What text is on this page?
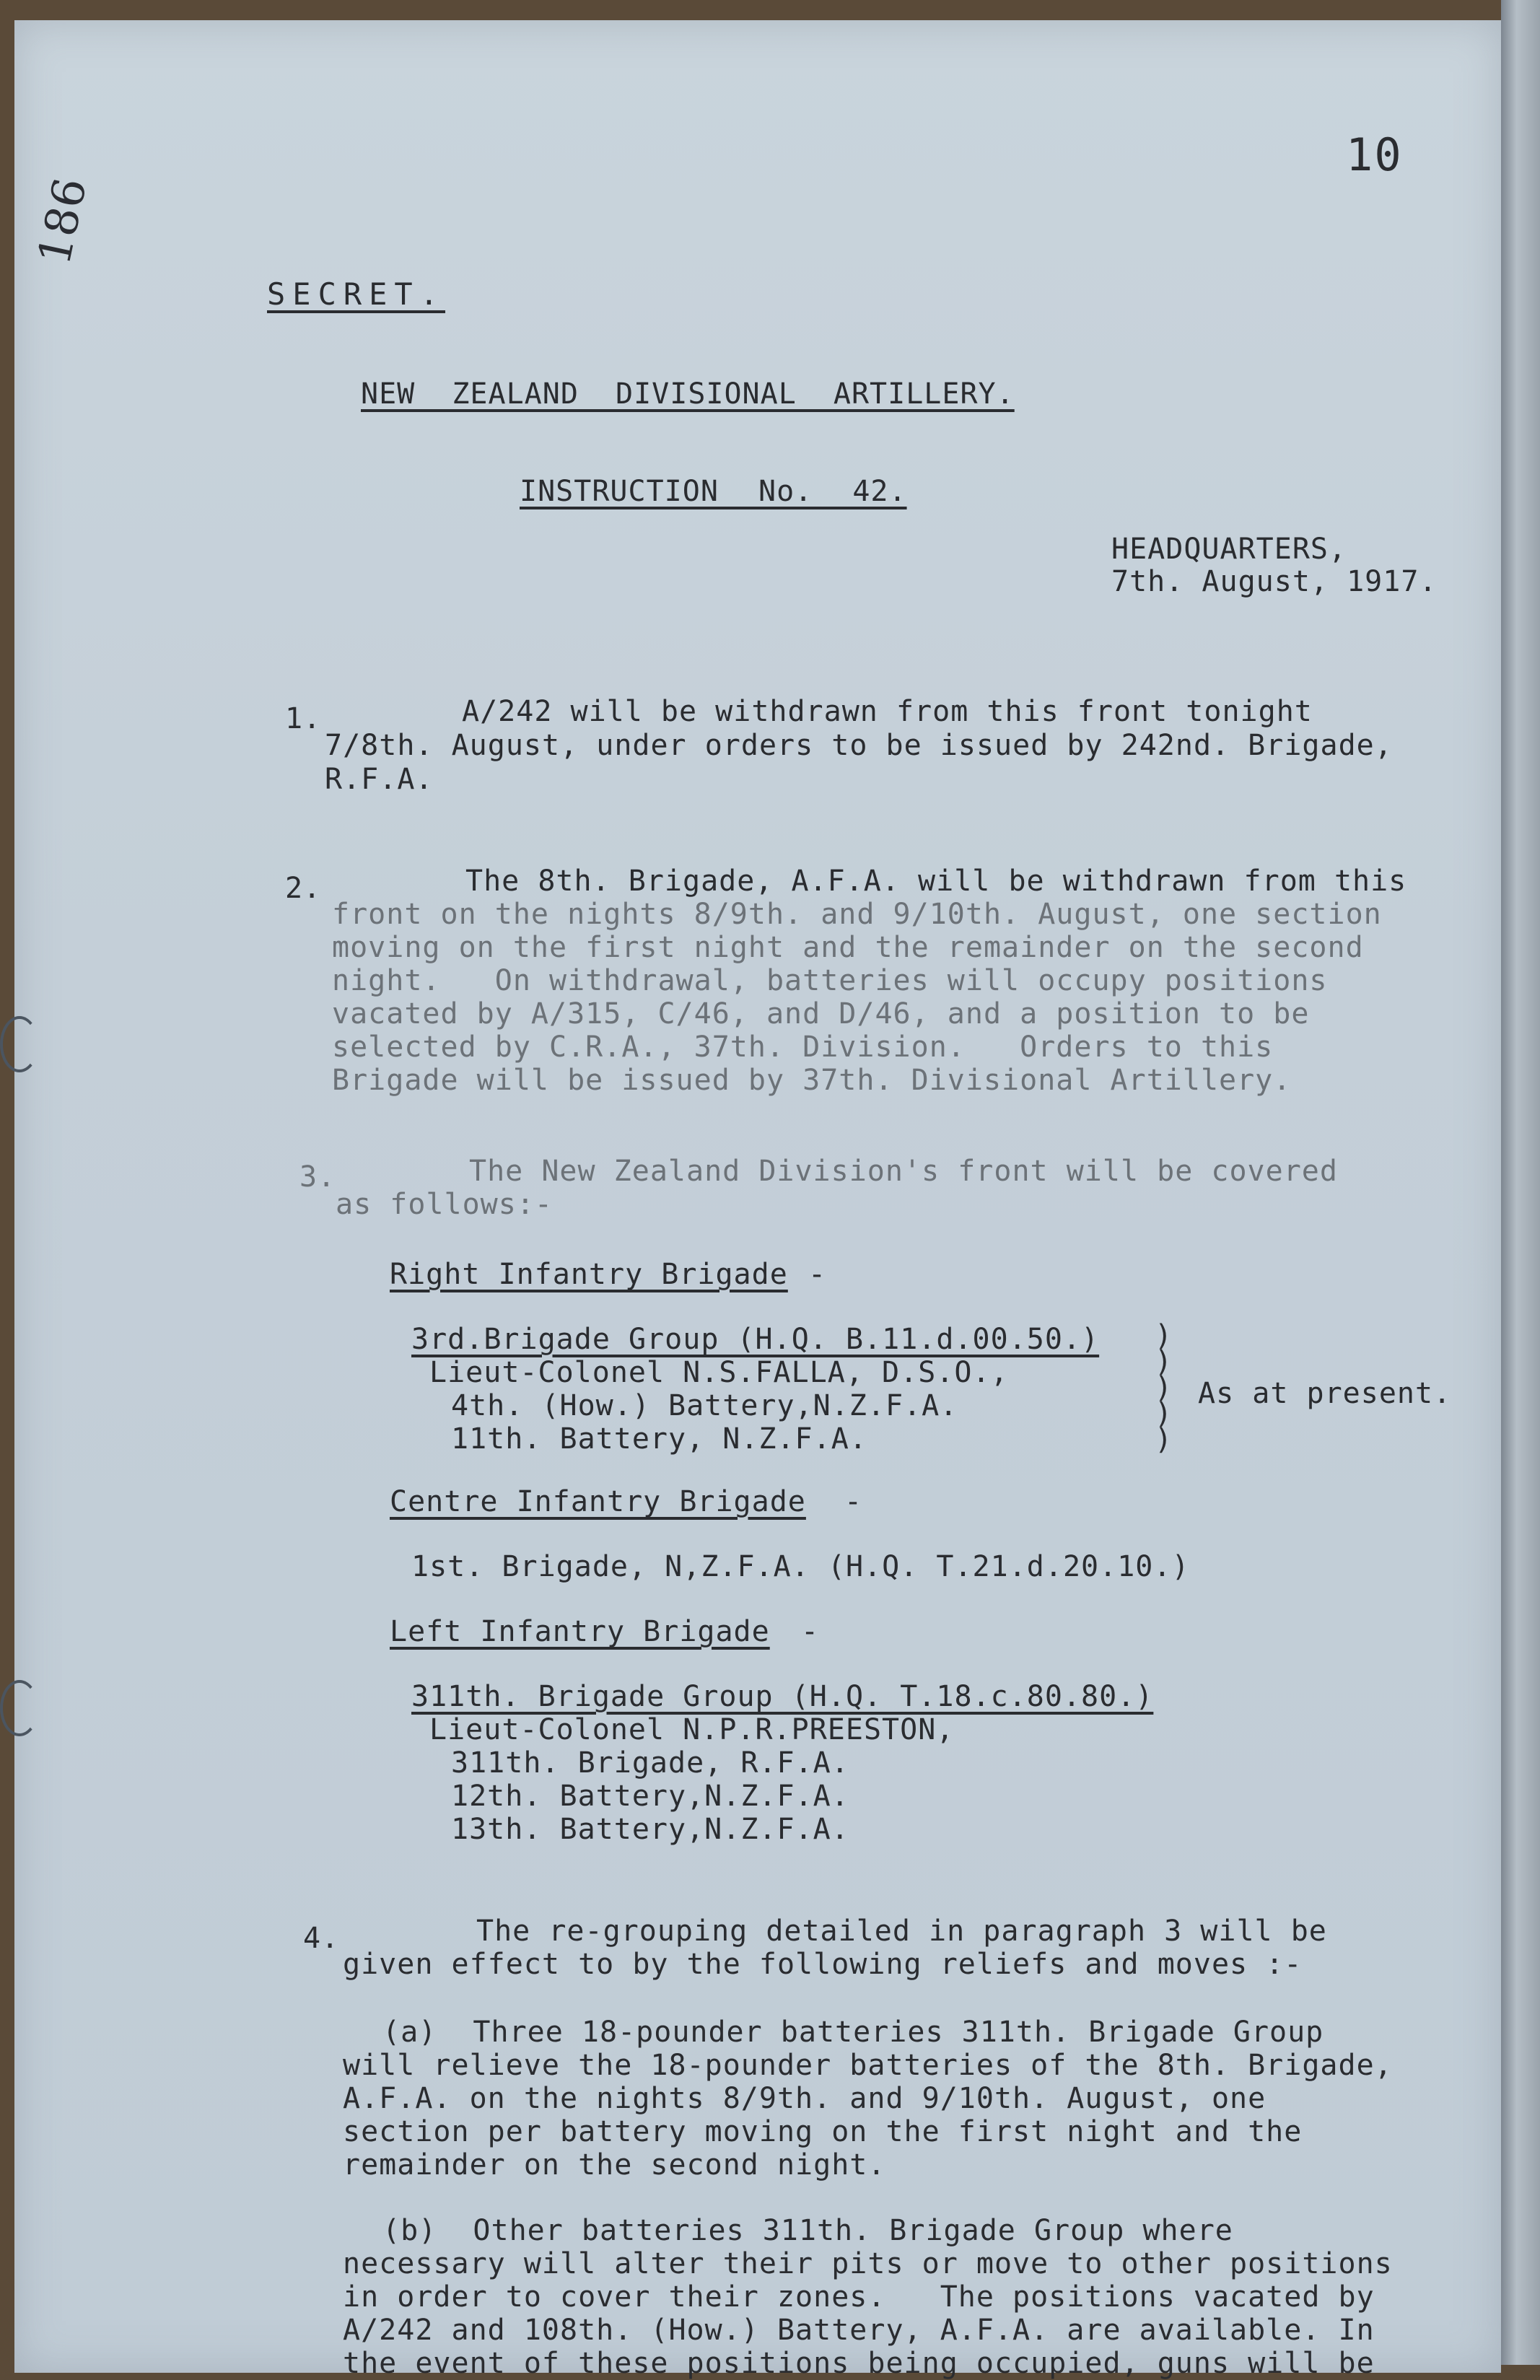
186
10
SECRET.
NEW ZEALAND DIVISIONAL ARTILLERY.
INSTRUCTION No. 42.
HEADQUARTERS,
7th. August, 1917.
1.	A/242 will be withdrawn from this front tonight
7/8th. August, under orders to be issued by 242nd. Brigade,
R.F.A.
2.	The 8th. Brigade, A.F.A. will be withdrawn from this
front on the nights 8/9th. and 9/10th. August, one section
moving on the first night and the remainder on the second
night.   On withdrawal, batteries will occupy positions
vacated by A/315, C/46, and D/46, and a position to be
selected by C.R.A., 37th. Division.   Orders to this
Brigade will be issued by 37th. Divisional Artillery.
3.	The New Zealand Division's front will be covered
as follows:-
Right Infantry Brigade -
3rd.Brigade Group (H.Q. B.11.d.00.50.)
Lieut-Colonel N.S.FALLA, D.S.O.,
4th. (How.) Battery,N.Z.F.A.
11th. Battery, N.Z.F.A.
)
)
)
)
)
As at present.
Centre Infantry Brigade -
1st. Brigade, N,Z.F.A. (H.Q. T.21.d.20.10.)
Left Infantry Brigade -
311th. Brigade Group (H.Q. T.18.c.80.80.)
Lieut-Colonel N.P.R.PREESTON,
311th. Brigade, R.F.A.
12th. Battery,N.Z.F.A.
13th. Battery,N.Z.F.A.
4.	The re-grouping detailed in paragraph 3 will be
given effect to by the following reliefs and moves :-
(a)  Three 18-pounder batteries 311th. Brigade Group
will relieve the 18-pounder batteries of the 8th. Brigade,
A.F.A. on the nights 8/9th. and 9/10th. August, one
section per battery moving on the first night and the
remainder on the second night.
(b)  Other batteries 311th. Brigade Group where
necessary will alter their pits or move to other positions
in order to cover their zones.   The positions vacated by
A/242 and 108th. (How.) Battery, A.F.A. are available. In
the event of these positions being occupied, guns will be
